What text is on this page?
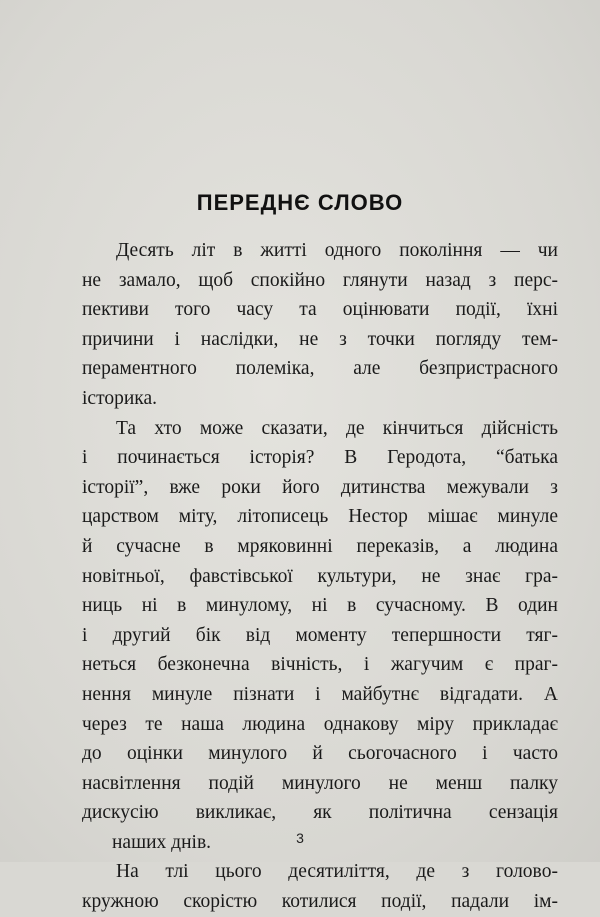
ПЕРЕДНЄ СЛОВО
Десять літ в житті одного покоління — чи
не замало, щоб спокійно глянути назад з перс-
пективи того часу та оцінювати події, їхні
причини і наслідки, не з точки погляду тем-
пераментного полеміка, але безпристрасного
історика.
Та хто може сказати, де кінчиться дійсність
і починається історія? В Геродота, “батька
історії”, вже роки його дитинства межували з
царством міту, літописець Нестор мішає минуле
й сучасне в мряковинні переказів, а людина
новітньої, фавстівської культури, не знає гра-
ниць ні в минулому, ні в сучасному. В один
і другий бік від моменту тепершности тяг-
неться безконечна вічність, і жагучим є праг-
нення минуле пізнати і майбутнє відгадати. А
через те наша людина однакову міру прикладає
до оцінки минулого й сьогочасного і часто
насвітлення подій минулого не менш палку
дискусію викликає, як політична сензація
наших днів.
На тлі цього десятиліття, де з головo-
кружною скорістю котилися події, падали ім-
3
